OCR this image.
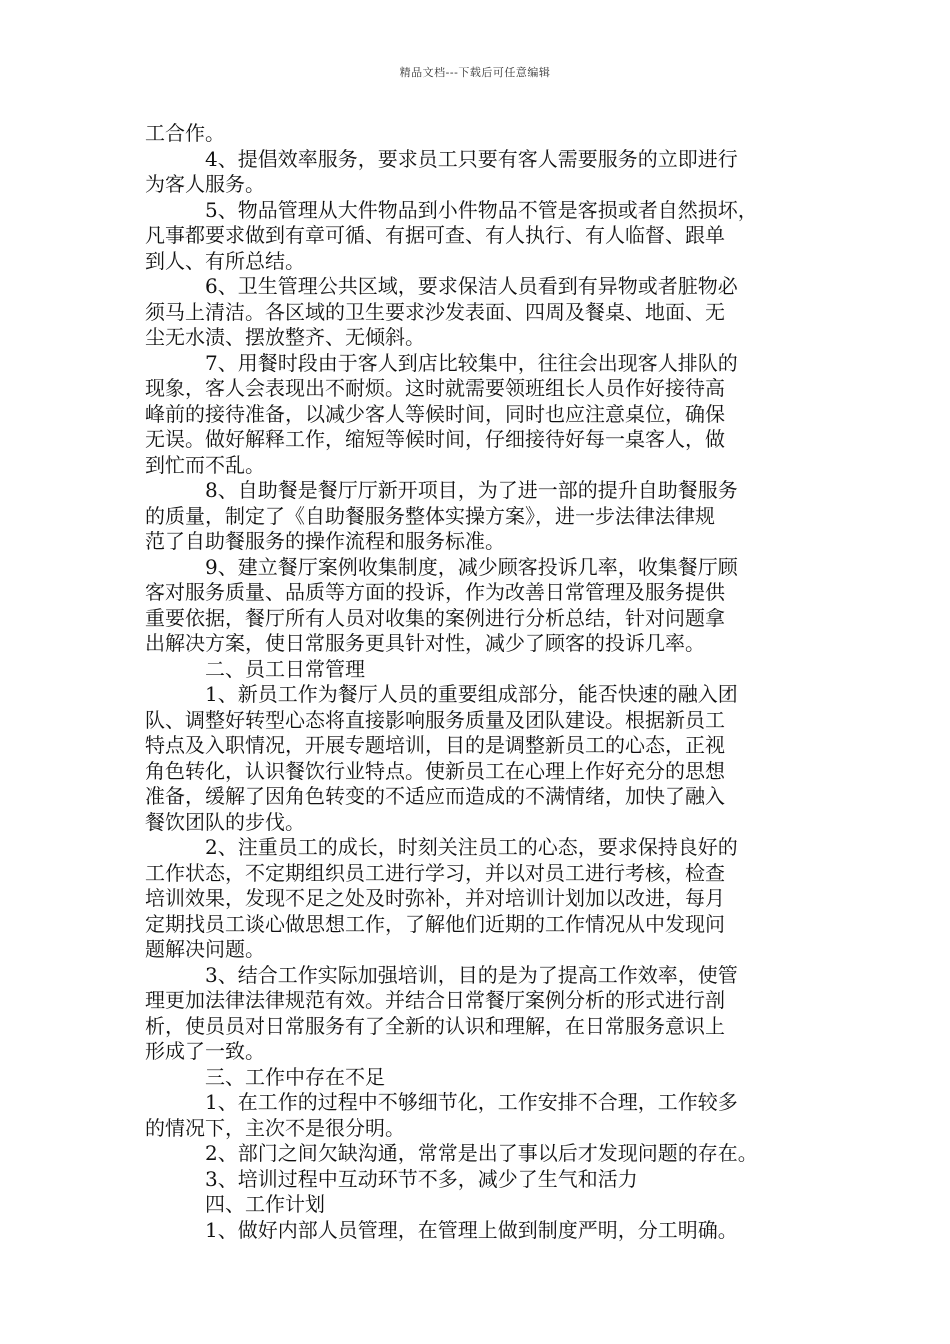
精品文档---下载后可任意编辑
工合作。
4、提倡效率服务，要求员工只要有客人需要服务的立即进行
为客人服务。
5、物品管理从大件物品到小件物品不管是客损或者自然损坏，
凡事都要求做到有章可循、有据可查、有人执行、有人临督、跟单
到人、有所总结。
6、卫生管理公共区域，要求保洁人员看到有异物或者脏物必
须马上清洁。各区域的卫生要求沙发表面、四周及餐桌、地面、无
尘无水渍、摆放整齐、无倾斜。
7、用餐时段由于客人到店比较集中，往往会出现客人排队的
现象，客人会表现出不耐烦。这时就需要领班组长人员作好接待高
峰前的接待准备，以减少客人等候时间，同时也应注意桌位，确保
无误。做好解释工作，缩短等候时间，仔细接待好每一桌客人，做
到忙而不乱。
8、自助餐是餐厅厅新开项目，为了进一部的提升自助餐服务
的质量，制定了《自助餐服务整体实操方案》，进一步法律法律规
范了自助餐服务的操作流程和服务标准。
9、建立餐厅案例收集制度，减少顾客投诉几率，收集餐厅顾
客对服务质量、品质等方面的投诉，作为改善日常管理及服务提供
重要依据，餐厅所有人员对收集的案例进行分析总结，针对问题拿
出解决方案，使日常服务更具针对性，减少了顾客的投诉几率。
二、员工日常管理
1、新员工作为餐厅人员的重要组成部分，能否快速的融入团
队、调整好转型心态将直接影响服务质量及团队建设。根据新员工
特点及入职情况，开展专题培训，目的是调整新员工的心态，正视
角色转化，认识餐饮行业特点。使新员工在心理上作好充分的思想
准备，缓解了因角色转变的不适应而造成的不满情绪，加快了融入
餐饮团队的步伐。
2、注重员工的成长，时刻关注员工的心态，要求保持良好的
工作状态，不定期组织员工进行学习，并以对员工进行考核，检查
培训效果，发现不足之处及时弥补，并对培训计划加以改进，每月
定期找员工谈心做思想工作，了解他们近期的工作情况从中发现问
题解决问题。
3、结合工作实际加强培训，目的是为了提高工作效率，使管
理更加法律法律规范有效。并结合日常餐厅案例分析的形式进行剖
析，使员员对日常服务有了全新的认识和理解，在日常服务意识上
形成了一致。
三、工作中存在不足
1、在工作的过程中不够细节化，工作安排不合理，工作较多
的情况下，主次不是很分明。
2、部门之间欠缺沟通，常常是出了事以后才发现问题的存在。
3、培训过程中互动环节不多，减少了生气和活力
四、工作计划
1、做好内部人员管理，在管理上做到制度严明，分工明确。
